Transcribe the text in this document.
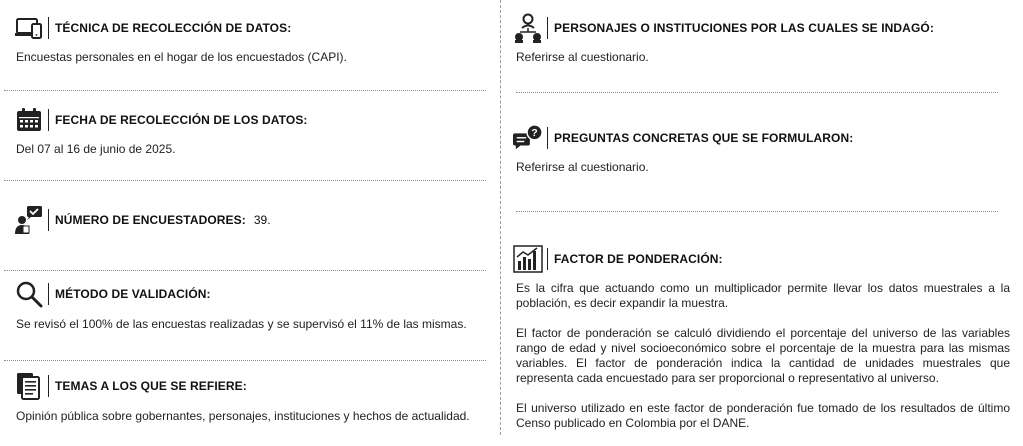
TÉCNICA DE RECOLECCIÓN DE DATOS:
Encuestas personales en el hogar de los encuestados (CAPI).
FECHA DE RECOLECCIÓN DE LOS DATOS:
Del 07 al 16 de junio de 2025.
NÚMERO DE ENCUESTADORES: 39.
MÉTODO DE VALIDACIÓN:
Se revisó el 100% de las encuestas realizadas y se supervisó el 11% de las mismas.
TEMAS A LOS QUE SE REFIERE:
Opinión pública sobre gobernantes, personajes, instituciones y hechos de actualidad.
PERSONAJES O INSTITUCIONES POR LAS CUALES SE INDAGÓ:
Referirse al cuestionario.
? PREGUNTAS CONCRETAS QUE SE FORMULARON:
Referirse al cuestionario.
FACTOR DE PONDERACIÓN:

Es la cifra que actuando como un multiplicador permite llevar los datos muestrales a la población, es decir expandir la muestra.

El factor de ponderación se calculó dividiendo el porcentaje del universo de las variables rango de edad y nivel socioeconómico sobre el porcentaje de la muestra para las mismas variables. El factor de ponderación indica la cantidad de unidades muestrales que representa cada encuestado para ser proporcional o representativo al universo.

El universo utilizado en este factor de ponderación fue tomado de los resultados de último Censo publicado en Colombia por el DANE.
